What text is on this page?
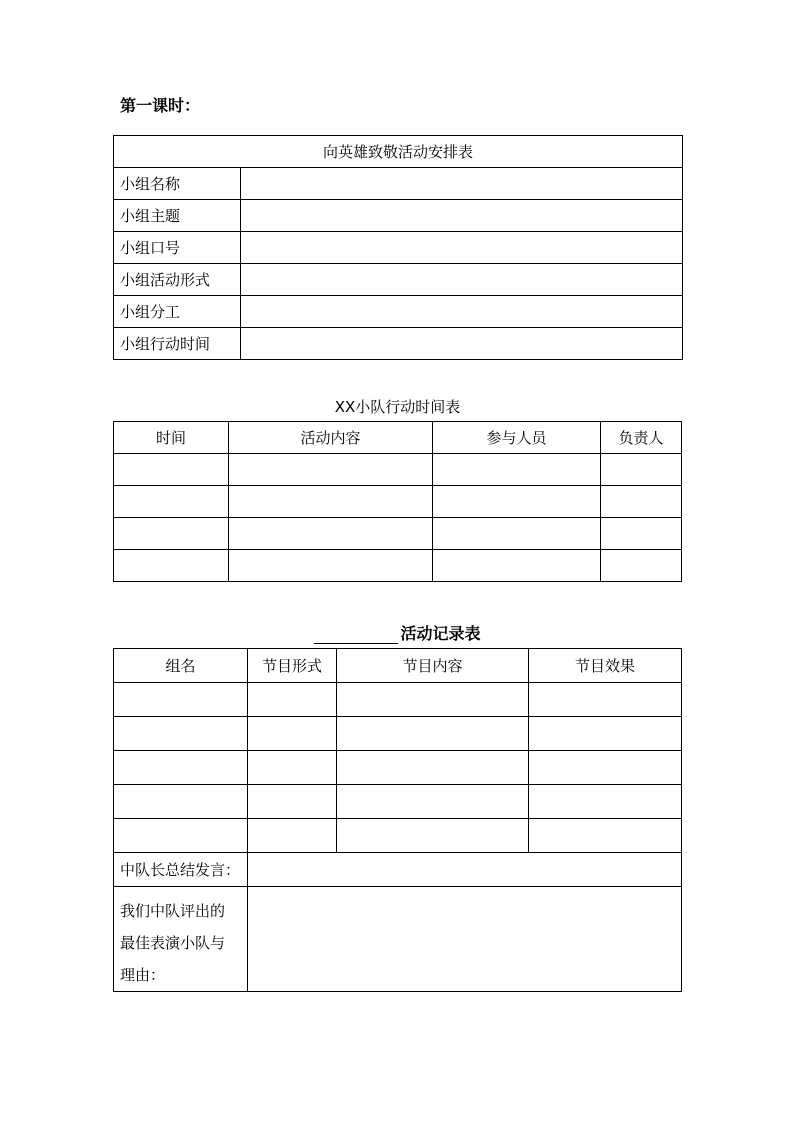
第一课时：
向英雄致敬活动安排表	
小组名称	
小组主题	
小组口号	
小组活动形式	
小组分工	
小组行动时间	
XX小队行动时间表
时间	活动内容	参与人员	负责人

活动记录表
组名	节目形式	节目内容	节目效果

中队长总结发言：			

我们中队评出的
最佳表演小队与
理由：			
